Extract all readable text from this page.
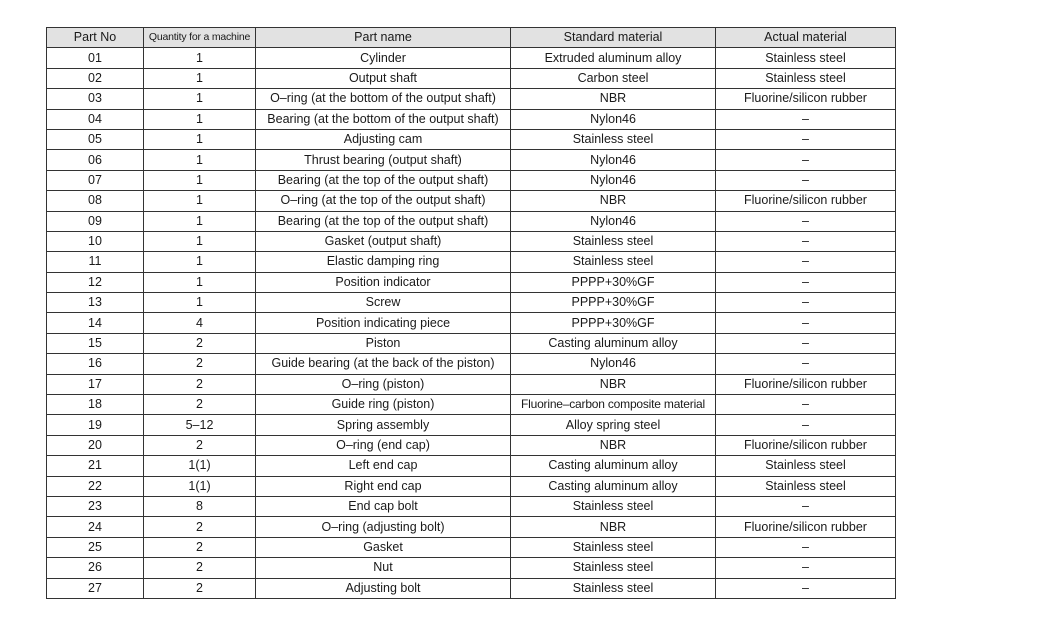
Part No	Quantity for a machine	Part name	Standard material	Actual material
01	1	Cylinder	Extruded aluminum alloy	Stainless steel
02	1	Output shaft	Carbon steel	Stainless steel
03	1	O–ring (at the bottom of the output shaft)	NBR	Fluorine/silicon rubber
04	1	Bearing (at the bottom of the output shaft)	Nylon46	–
05	1	Adjusting cam	Stainless steel	–
06	1	Thrust bearing (output shaft)	Nylon46	–
07	1	Bearing (at the top of the output shaft)	Nylon46	–
08	1	O–ring (at the top of the output shaft)	NBR	Fluorine/silicon rubber
09	1	Bearing (at the top of the output shaft)	Nylon46	–
10	1	Gasket (output shaft)	Stainless steel	–
11	1	Elastic damping ring	Stainless steel	–
12	1	Position indicator	PPPP+30%GF	–
13	1	Screw	PPPP+30%GF	–
14	4	Position indicating piece	PPPP+30%GF	–
15	2	Piston	Casting aluminum alloy	–
16	2	Guide bearing (at the back of the piston)	Nylon46	–
17	2	O–ring (piston)	NBR	Fluorine/silicon rubber
18	2	Guide ring (piston)	Fluorine–carbon composite material	–
19	5–12	Spring assembly	Alloy spring steel	–
20	2	O–ring (end cap)	NBR	Fluorine/silicon rubber
21	1(1)	Left end cap	Casting aluminum alloy	Stainless steel
22	1(1)	Right end cap	Casting aluminum alloy	Stainless steel
23	8	End cap bolt	Stainless steel	–
24	2	O–ring (adjusting bolt)	NBR	Fluorine/silicon rubber
25	2	Gasket	Stainless steel	–
26	2	Nut	Stainless steel	–
27	2	Adjusting bolt	Stainless steel	–
